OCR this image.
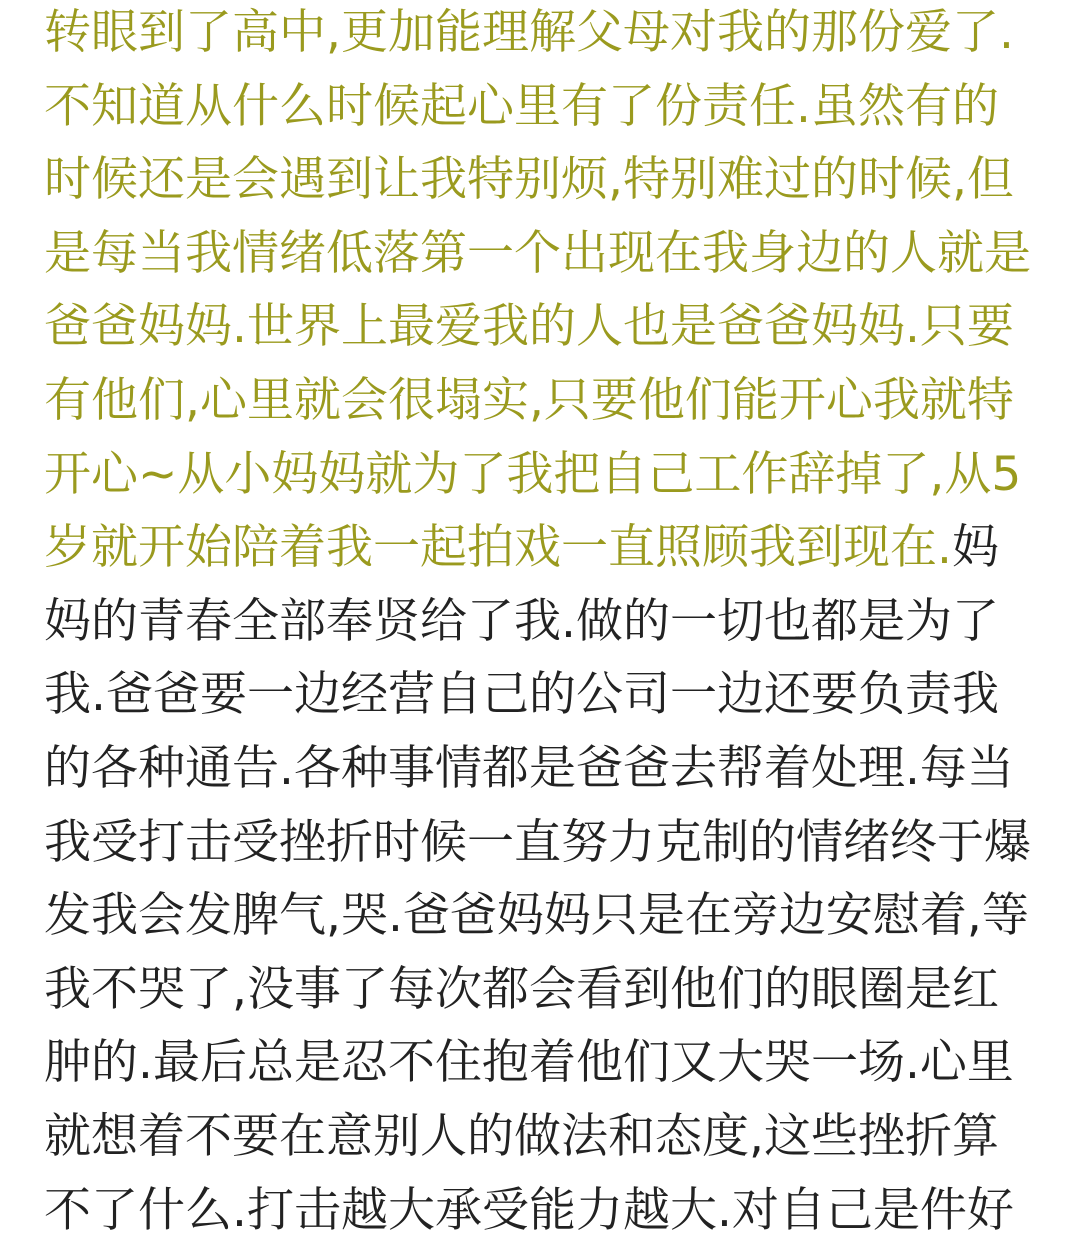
转眼到了高中,更加能理解父母对我的那份爱了.
不知道从什么时候起心里有了份责任.虽然有的
时候还是会遇到让我特别烦,特别难过的时候,但
是每当我情绪低落第一个出现在我身边的人就是
爸爸妈妈.世界上最爱我的人也是爸爸妈妈.只要
有他们,心里就会很塌实,只要他们能开心我就特
开心~从小妈妈就为了我把自己工作辞掉了,从5
岁就开始陪着我一起拍戏一直照顾我到现在.妈
妈的青春全部奉贤给了我.做的一切也都是为了
我.爸爸要一边经营自己的公司一边还要负责我
的各种通告.各种事情都是爸爸去帮着处理.每当
我受打击受挫折时候一直努力克制的情绪终于爆
发我会发脾气,哭.爸爸妈妈只是在旁边安慰着,等
我不哭了,没事了每次都会看到他们的眼圈是红
肿的.最后总是忍不住抱着他们又大哭一场.心里
就想着不要在意别人的做法和态度,这些挫折算
不了什么.打击越大承受能力越大.对自己是件好
